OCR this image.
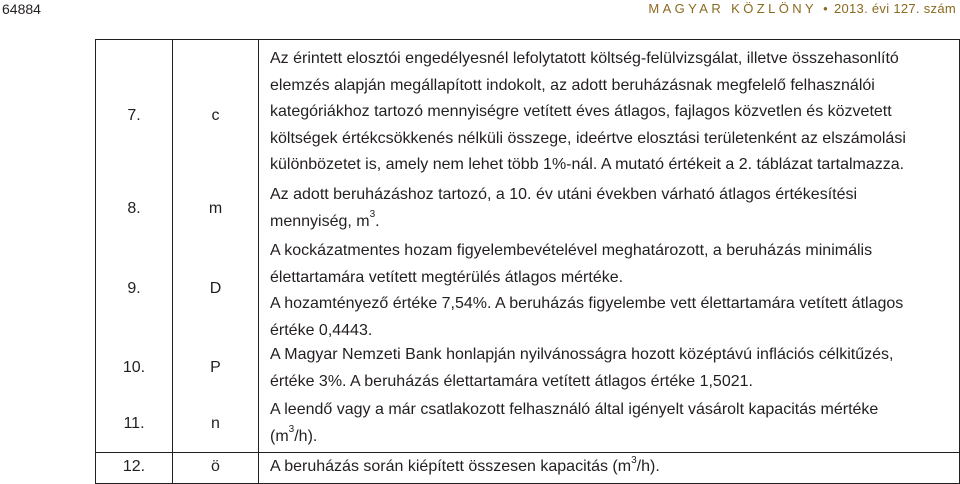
64884	MAGYAR KÖZLÖNY • 2013. évi 127. szám
7.	c
Az érintett elosztói engedélyesnél lefolytatott költség-felülvizsgálat, illetve összehasonlító
elemzés alapján megállapított indokolt, az adott beruházásnak megfelelő felhasználói
kategóriákhoz tartozó mennyiségre vetített éves átlagos, fajlagos közvetlen és közvetett
költségek értékcsökkenés nélküli összege, ideértve elosztási területenként az elszámolási
különbözetet is, amely nem lehet több 1%-nál. A mutató értékeit a 2. táblázat tartalmazza.
8.	m
Az adott beruházáshoz tartozó, a 10. év utáni években várható átlagos értékesítési
mennyiség, $m^3$.
9.	D
A kockázatmentes hozam figyelembevételével meghatározott, a beruházás minimális
élettartamára vetített megtérülés átlagos mértéke.
A hozamtényező értéke 7,54%. A beruházás figyelembe vett élettartamára vetített átlagos
értéke 0,4443.
10.	P
A Magyar Nemzeti Bank honlapján nyilvánosságra hozott középtávú inflációs célkitűzés,
értéke 3%. A beruházás élettartamára vetített átlagos értéke 1,5021.
11.	n
A leendő vagy a már csatlakozott felhasználó által igényelt vásárolt kapacitás mértéke
$(m^3/h)$.
12.	ö	A beruházás során kiépített összesen kapacitás $(m^3/h)$.
